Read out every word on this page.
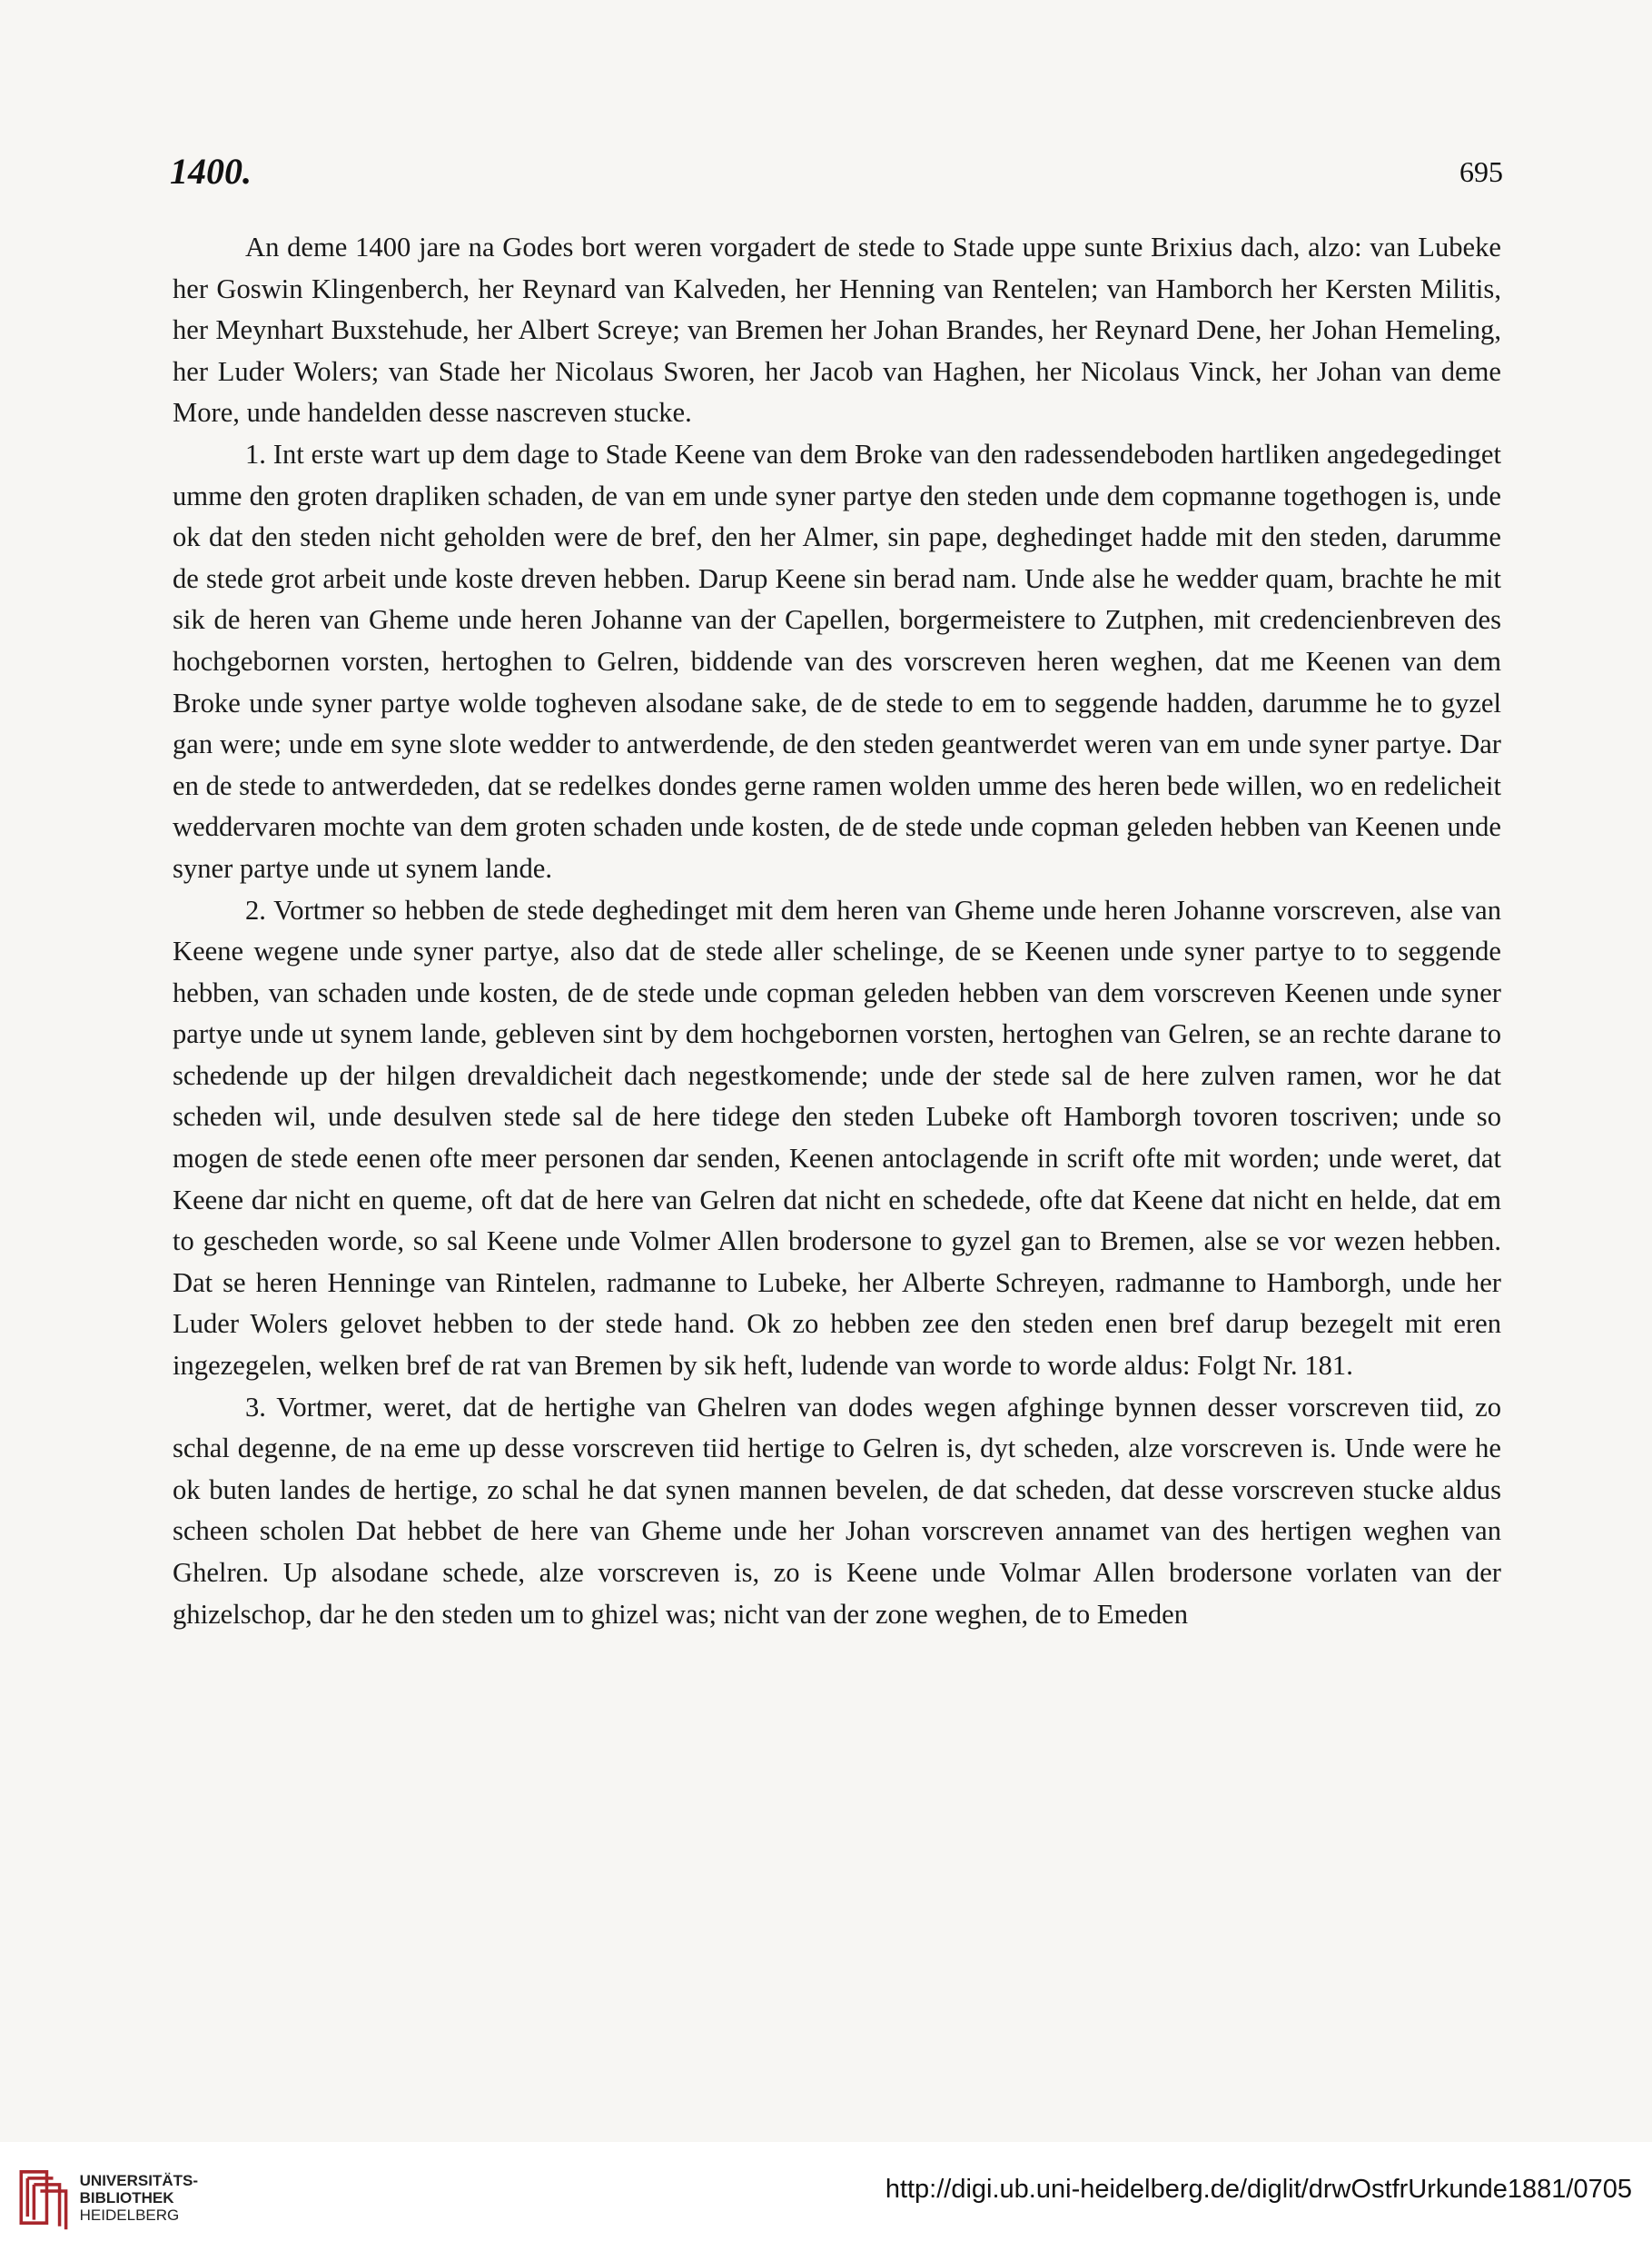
1400.	695

An deme 1400 jare na Godes bort weren vorgadert de stede to Stade uppe sunte Brixius dach, alzo: van Lubeke her Goswin Klingenberch, her Reynard van Kalveden, her Henning van Rentelen; van Hamborch her Kersten Militis, her Meynhart Buxstehude, her Albert Screye; van Bremen her Johan Brandes, her Reynard Dene, her Johan Hemeling, her Luder Wolers; van Stade her Nicolaus Sworen, her Jacob van Haghen, her Nicolaus Vinck, her Johan van deme More, unde handelden desse nascreven stucke.

1. Int erste wart up dem dage to Stade Keene van dem Broke van den radessendeboden hartliken angedegedinget umme den groten drapliken schaden, de van em unde syner partye den steden unde dem copmanne togethogen is, unde ok dat den steden nicht geholden were de bref, den her Almer, sin pape, deghedinget hadde mit den steden, darumme de stede grot arbeit unde koste dreven hebben. Darup Keene sin berad nam. Unde alse he wedder quam, brachte he mit sik de heren van Gheme unde heren Johanne van der Capellen, borgermeistere to Zutphen, mit credencienbreven des hochgebornen vorsten, hertoghen to Gelren, biddende van des vorscreven heren weghen, dat me Keenen van dem Broke unde syner partye wolde togheven alsodane sake, de de stede to em to seggende hadden, darumme he to gyzel gan were; unde em syne slote wedder to antwerdende, de den steden geantwerdet weren van em unde syner partye. Dar en de stede to antwerdeden, dat se redelkes dondes gerne ramen wolden umme des heren bede willen, wo en redelicheit weddervaren mochte van dem groten schaden unde kosten, de de stede unde copman geleden hebben van Keenen unde syner partye unde ut synem lande.

2. Vortmer so hebben de stede deghedinget mit dem heren van Gheme unde heren Johanne vorscreven, alse van Keene wegene unde syner partye, also dat de stede aller schelinge, de se Keenen unde syner partye to to seggende hebben, van schaden unde kosten, de de stede unde copman geleden hebben van dem vorscreven Keenen unde syner partye unde ut synem lande, gebleven sint by dem hochgebornen vorsten, hertoghen van Gelren, se an rechte darane to schedende up der hilgen drevaldicheit dach negestkomende; unde der stede sal de here zulven ramen, wor he dat scheden wil, unde desulven stede sal de here tidege den steden Lubeke oft Hamborgh tovoren toscriven; unde so mogen de stede eenen ofte meer personen dar senden, Keenen antoclagende in scrift ofte mit worden; unde weret, dat Keene dar nicht en queme, oft dat de here van Gelren dat nicht en schedede, ofte dat Keene dat nicht en helde, dat em to gescheden worde, so sal Keene unde Volmer Allen brodersone to gyzel gan to Bremen, alse se vor wezen hebben. Dat se heren Henninge van Rintelen, radmanne to Lubeke, her Alberte Schreyen, radmanne to Hamborgh, unde her Luder Wolers gelovet hebben to der stede hand. Ok zo hebben zee den steden enen bref darup bezegelt mit eren ingezegelen, welken bref de rat van Bremen by sik heft, ludende van worde to worde aldus: Folgt Nr. 181.

3. Vortmer, weret, dat de hertighe van Ghelren van dodes wegen afghinge bynnen desser vorscreven tiid, zo schal degenne, de na eme up desse vorscreven tiid hertige to Gelren is, dyt scheden, alze vorscreven is. Unde were he ok buten landes de hertige, zo schal he dat synen mannen bevelen, de dat scheden, dat desse vorscreven stucke aldus scheen scholen Dat hebbet de here van Gheme unde her Johan vorscreven annamet van des hertigen weghen van Ghelren. Up alsodane schede, alze vorscreven is, zo is Keene unde Volmar Allen brodersone vorlaten van der ghizelschop, dar he den steden um to ghizel was; nicht van der zone weghen, de to Emeden

UNIVERSITÄTS-
BIBLIOTHEK
HEIDELBERG
http://digi.ub.uni-heidelberg.de/diglit/drwOstfrUrkunde1881/0705
